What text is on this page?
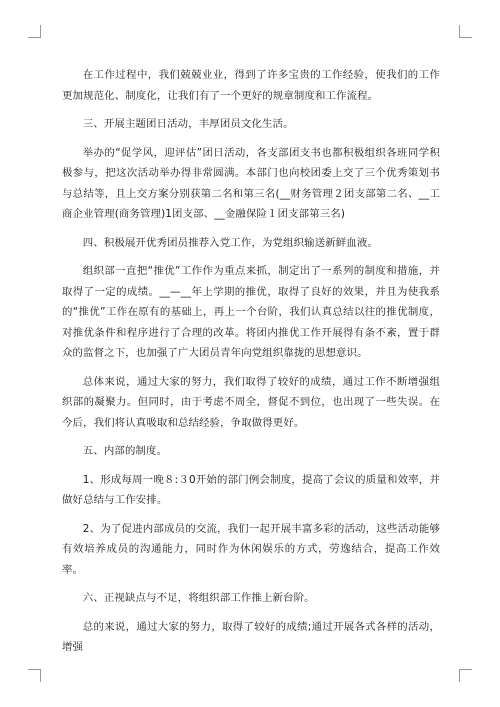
在工作过程中，我们兢兢业业，得到了许多宝贵的工作经验，使我们的工作更加规范化、制度化，让我们有了一个更好的规章制度和工作流程。

三、开展主题团日活动，丰厚团员文化生活。

举办的“促学风，迎评估”团日活动，各支部团支书也都积极组织各班同学积极参与，把这次活动举办得非常圆满。本部门也向校团委上交了三个优秀策划书与总结等，且上交方案分别获第二名和第三名(__财务管理２团支部第二名、__工商企业管理(商务管理)1团支部、__金融保险１团支部第三名)

四、积极展开优秀团员推荐入党工作，为党组织输送新鲜血液。

组织部一直把“推优”工作作为重点来抓，制定出了一系列的制度和措施，并取得了一定的成绩。__—__年上学期的推优，取得了良好的效果，并且为使我系的“推优”工作在原有的基础上，再上一个台阶，我们认真总结以往的推优制度，对推优条件和程序进行了合理的改革。将团内推优工作开展得有条不紊，置于群众的监督之下，也加强了广大团员青年向党组织靠拢的思想意识。

总体来说，通过大家的努力，我们取得了较好的成绩，通过工作不断增强组织部的凝聚力。但同时，由于考虑不周全，督促不到位，也出现了一些失误。在今后，我们将认真吸取和总结经验，争取做得更好。

五、内部的制度。

1、形成每周一晚８:３0开始的部门例会制度，提高了会议的质量和效率，并做好总结与工作安排。

2、为了促进内部成员的交流，我们一起开展丰富多彩的活动，这些活动能够有效培养成员的沟通能力，同时作为休闲娱乐的方式，劳逸结合，提高工作效率。

六、正视缺点与不足，将组织部工作推上新台阶。

总的来说，通过大家的努力，取得了较好的成绩;通过开展各式各样的活动，增强
